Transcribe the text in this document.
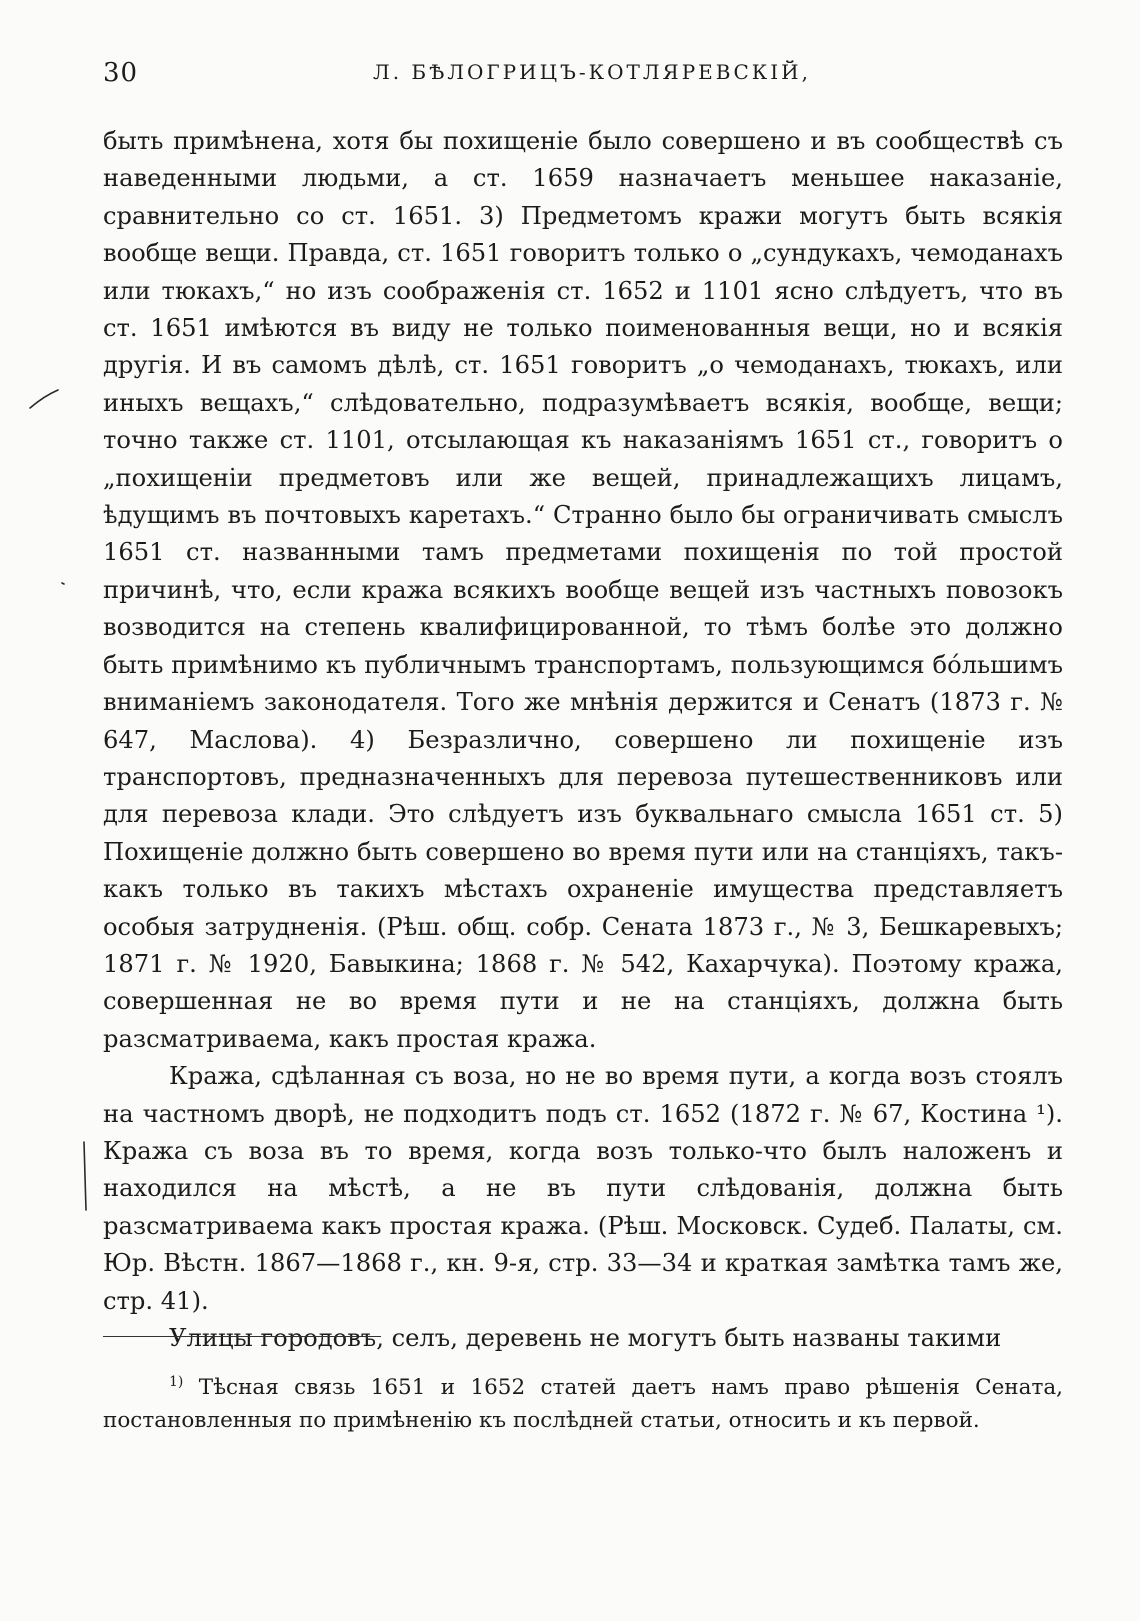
30	Л. БѢЛОГРИЦЪ-КОТЛЯРЕВСКІЙ,

быть примѣнена, хотя бы похищеніе было совершено и въ сообществѣ съ наведенными людьми, а ст. 1659 назначаетъ меньшее наказаніе, сравнительно со ст. 1651. 3) Предметомъ кражи могутъ быть всякія вообще вещи. Правда, ст. 1651 говоритъ только о „сундукахъ, чемоданахъ или тюкахъ,“ но изъ соображенія ст. 1652 и 1101 ясно слѣдуетъ, что въ ст. 1651 имѣются въ виду не только поименованныя вещи, но и всякія другія. И въ самомъ дѣлѣ, ст. 1651 говоритъ „о чемоданахъ, тюкахъ, или иныхъ вещахъ,“ слѣдовательно, подразумѣваетъ всякія, вообще, вещи; точно также ст. 1101, отсылающая къ наказаніямъ 1651 ст., говоритъ о „похищеніи предметовъ или же вещей, принадлежащихъ лицамъ, ѣдущимъ въ почтовыхъ каретахъ.“ Странно было бы ограничивать смыслъ 1651 ст. названными тамъ предметами похищенія по той простой причинѣ, что, если кража всякихъ вообще вещей изъ частныхъ повозокъ возводится на степень квалифицированной, то тѣмъ болѣе это должно быть примѣнимо къ публичнымъ транспортамъ, пользующимся бóльшимъ вниманіемъ законодателя. Того же мнѣнія держится и Сенатъ (1873 г. № 647, Маслова). 4) Безразлично, совершено ли похищеніе изъ транспортовъ, предназначенныхъ для перевоза путешественниковъ или для перевоза клади. Это слѣдуетъ изъ буквальнаго смысла 1651 ст. 5) Похищеніе должно быть совершено во время пути или на станціяхъ, такъ-какъ только въ такихъ мѣстахъ охраненіе имущества представляетъ особыя затрудненія. (Рѣш. общ. собр. Сената 1873 г., № 3, Бешкаревыхъ; 1871 г. № 1920, Бавыкина; 1868 г. № 542, Кахарчука). Поэтому кража, совершенная не во время пути и не на станціяхъ, должна быть разсматриваема, какъ простая кража.

Кража, сдѣланная съ воза, но не во время пути, а когда возъ стоялъ на частномъ дворѣ, не подходитъ подъ ст. 1652 (1872 г. № 67, Костина ¹). Кража съ воза въ то время, когда возъ только-что былъ наложенъ и находился на мѣстѣ, а не въ пути слѣдованія, должна быть разсматриваема какъ простая кража. (Рѣш. Московск. Судеб. Палаты, см. Юр. Вѣстн. 1867—1868 г., кн. 9-я, стр. 33—34 и краткая замѣтка тамъ же, стр. 41).

Улицы городовъ, селъ, деревень не могутъ быть названы такими

$^{1)}$ Тѣсная связь 1651 и 1652 статей даетъ намъ право рѣшенія Сената, постановленныя по примѣненію къ послѣдней статьи, относить и къ первой.
